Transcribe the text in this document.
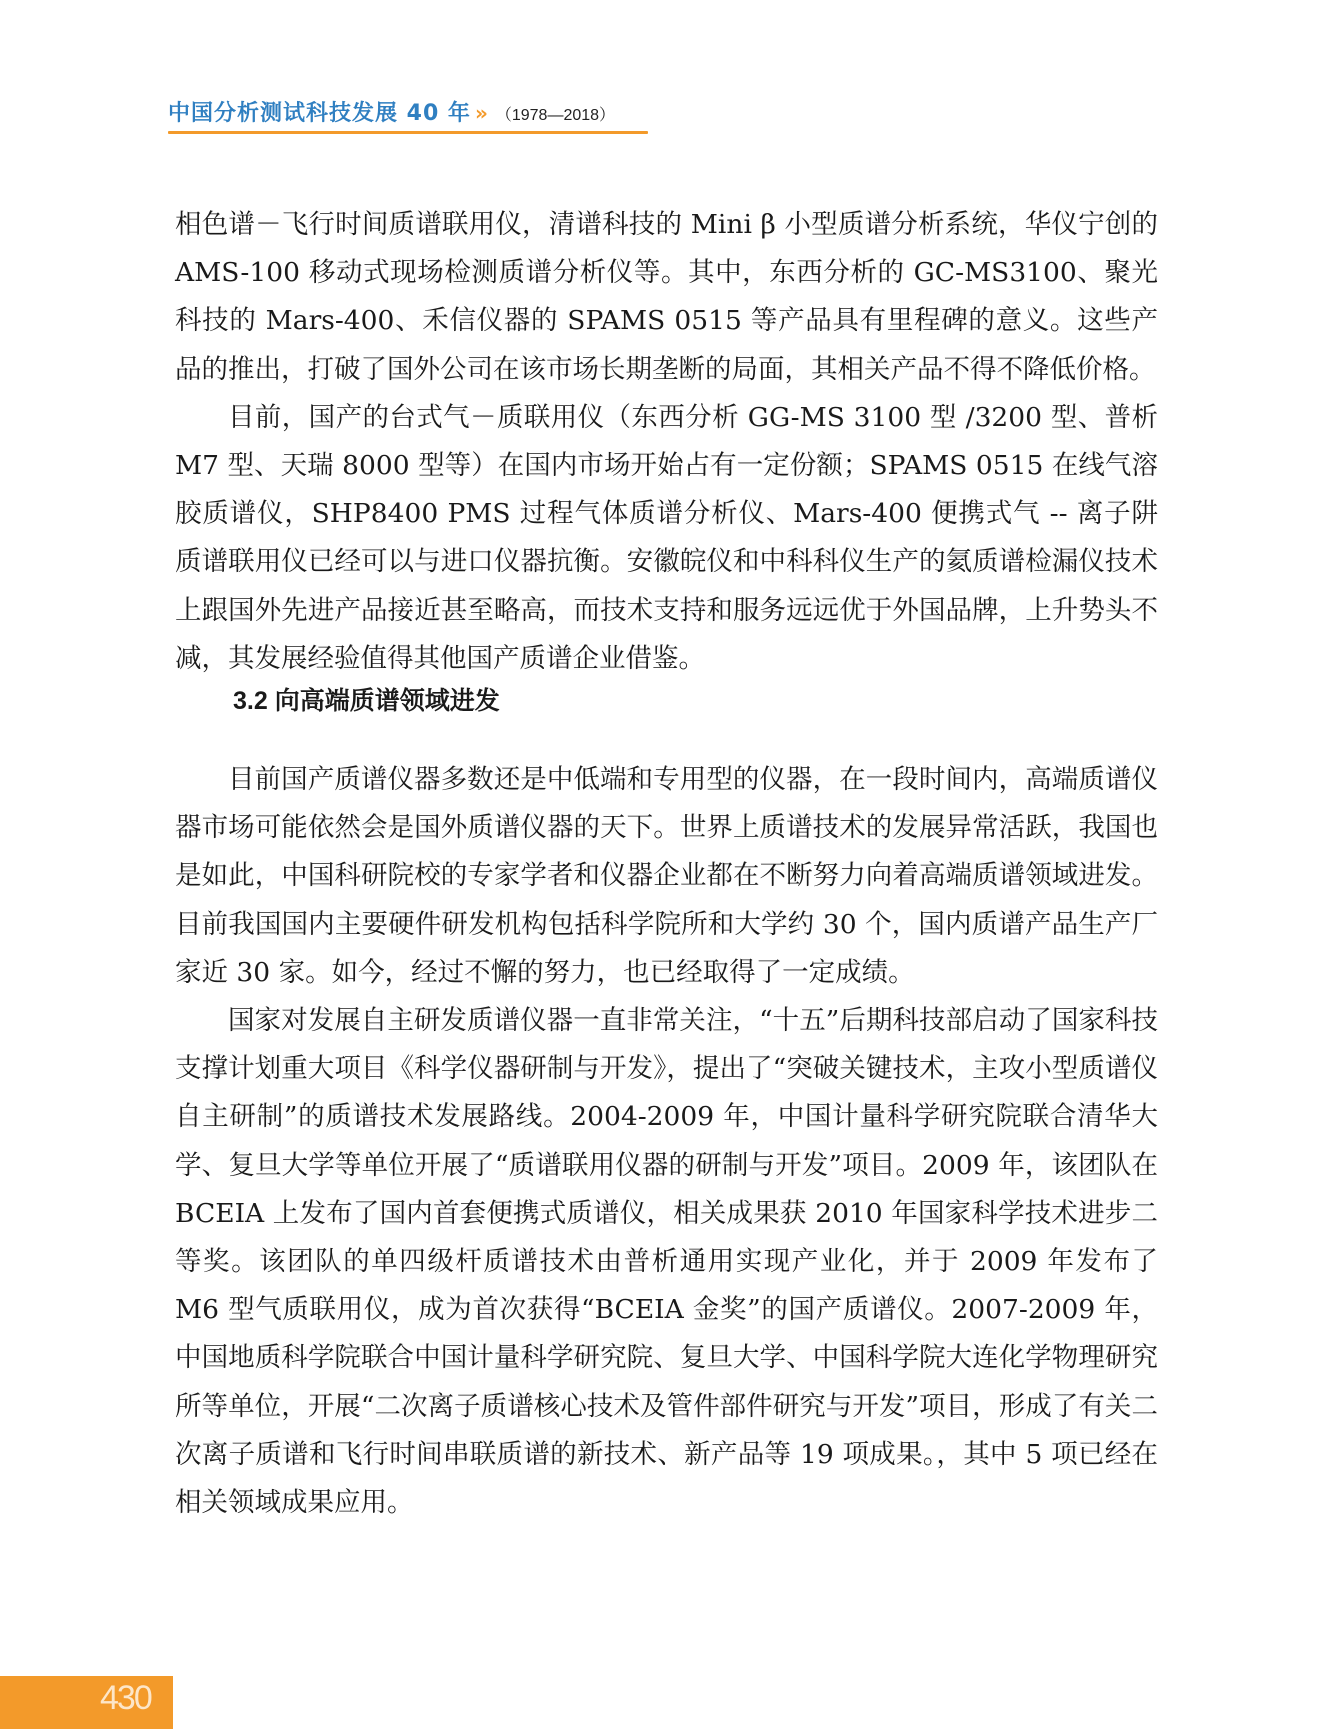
中国分析测试科技发展 40 年 » （1978—2018）

相色谱－飞行时间质谱联用仪，清谱科技的 Mini β 小型质谱分析系统，华仪宁创的 AMS-100 移动式现场检测质谱分析仪等。其中，东西分析的 GC-MS3100、聚光科技的 Mars-400、禾信仪器的 SPAMS 0515 等产品具有里程碑的意义。这些产品的推出，打破了国外公司在该市场长期垄断的局面，其相关产品不得不降低价格。

目前，国产的台式气－质联用仪（东西分析 GG-MS 3100 型 /3200 型、普析 M7 型、天瑞 8000 型等）在国内市场开始占有一定份额；SPAMS 0515 在线气溶胶质谱仪，SHP8400 PMS 过程气体质谱分析仪、Mars-400 便携式气 -- 离子阱质谱联用仪已经可以与进口仪器抗衡。安徽皖仪和中科科仪生产的氦质谱检漏仪技术上跟国外先进产品接近甚至略高，而技术支持和服务远远优于外国品牌，上升势头不减，其发展经验值得其他国产质谱企业借鉴。

3.2 向高端质谱领域进发

目前国产质谱仪器多数还是中低端和专用型的仪器，在一段时间内，高端质谱仪器市场可能依然会是国外质谱仪器的天下。世界上质谱技术的发展异常活跃，我国也是如此，中国科研院校的专家学者和仪器企业都在不断努力向着高端质谱领域进发。目前我国国内主要硬件研发机构包括科学院所和大学约 30 个，国内质谱产品生产厂家近 30 家。如今，经过不懈的努力，也已经取得了一定成绩。

国家对发展自主研发质谱仪器一直非常关注，“十五”后期科技部启动了国家科技支撑计划重大项目《科学仪器研制与开发》，提出了“突破关键技术，主攻小型质谱仪自主研制”的质谱技术发展路线。2004-2009 年，中国计量科学研究院联合清华大学、复旦大学等单位开展了“质谱联用仪器的研制与开发”项目。2009 年，该团队在 BCEIA 上发布了国内首套便携式质谱仪，相关成果获 2010 年国家科学技术进步二等奖。该团队的单四级杆质谱技术由普析通用实现产业化，并于 2009 年发布了 M6 型气质联用仪，成为首次获得“BCEIA 金奖”的国产质谱仪。2007-2009 年，中国地质科学院联合中国计量科学研究院、复旦大学、中国科学院大连化学物理研究所等单位，开展“二次离子质谱核心技术及管件部件研究与开发”项目，形成了有关二次离子质谱和飞行时间串联质谱的新技术、新产品等 19 项成果。，其中 5 项已经在相关领域成果应用。

430
